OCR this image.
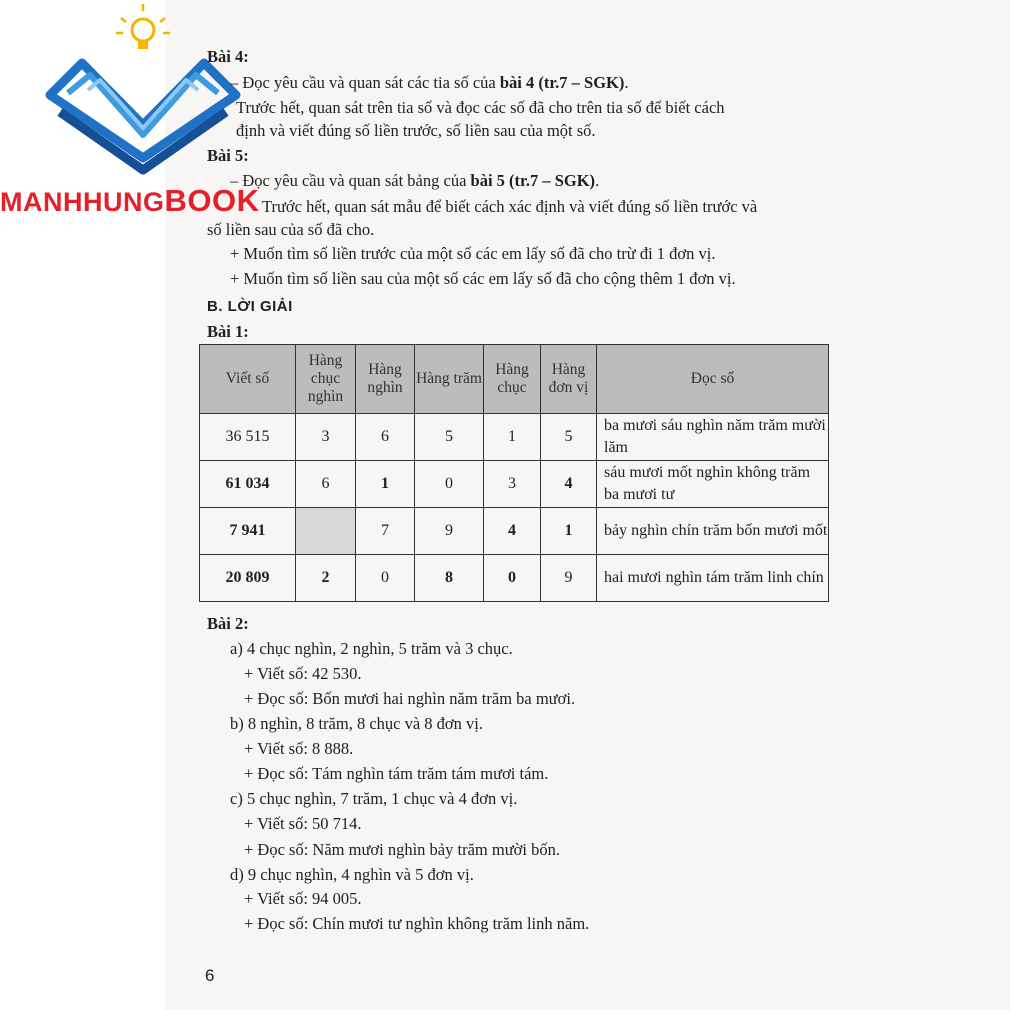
MANHHUNGBOOK
Bài 4:
– Đọc yêu cầu và quan sát các tia số của bài 4 (tr.7 – SGK).
Trước hết, quan sát trên tia số và đọc các số đã cho trên tia số để biết cách
định và viết đúng số liền trước, số liền sau của một số.
Bài 5:
– Đọc yêu cầu và quan sát bảng của bài 5 (tr.7 – SGK).
Trước hết, quan sát mẫu để biết cách xác định và viết đúng số liền trước và
số liền sau của số đã cho.
+ Muốn tìm số liền trước của một số các em lấy số đã cho trừ đi 1 đơn vị.
+ Muốn tìm số liền sau của một số các em lấy số đã cho cộng thêm 1 đơn vị.
B. LỜI GIẢI
Bài 1:
Viết số	Hàng chục nghìn	Hàng nghìn	Hàng trăm	Hàng chục	Hàng đơn vị	Đọc số
36 515	3	6	5	1	5	ba mươi sáu nghìn năm trăm mười lăm
61 034	6	1	0	3	4	sáu mươi mốt nghìn không trăm ba mươi tư
7 941		7	9	4	1	bảy nghìn chín trăm bốn mươi mốt
20 809	2	0	8	0	9	hai mươi nghìn tám trăm linh chín
Bài 2:
a) 4 chục nghìn, 2 nghìn, 5 trăm và 3 chục.
+ Viết số: 42 530.
+ Đọc số: Bốn mươi hai nghìn năm trăm ba mươi.
b) 8 nghìn, 8 trăm, 8 chục và 8 đơn vị.
+ Viết số: 8 888.
+ Đọc số: Tám nghìn tám trăm tám mươi tám.
c) 5 chục nghìn, 7 trăm, 1 chục và 4 đơn vị.
+ Viết số: 50 714.
+ Đọc số: Năm mươi nghìn bảy trăm mười bốn.
d) 9 chục nghìn, 4 nghìn và 5 đơn vị.
+ Viết số: 94 005.
+ Đọc số: Chín mươi tư nghìn không trăm linh năm.
6
